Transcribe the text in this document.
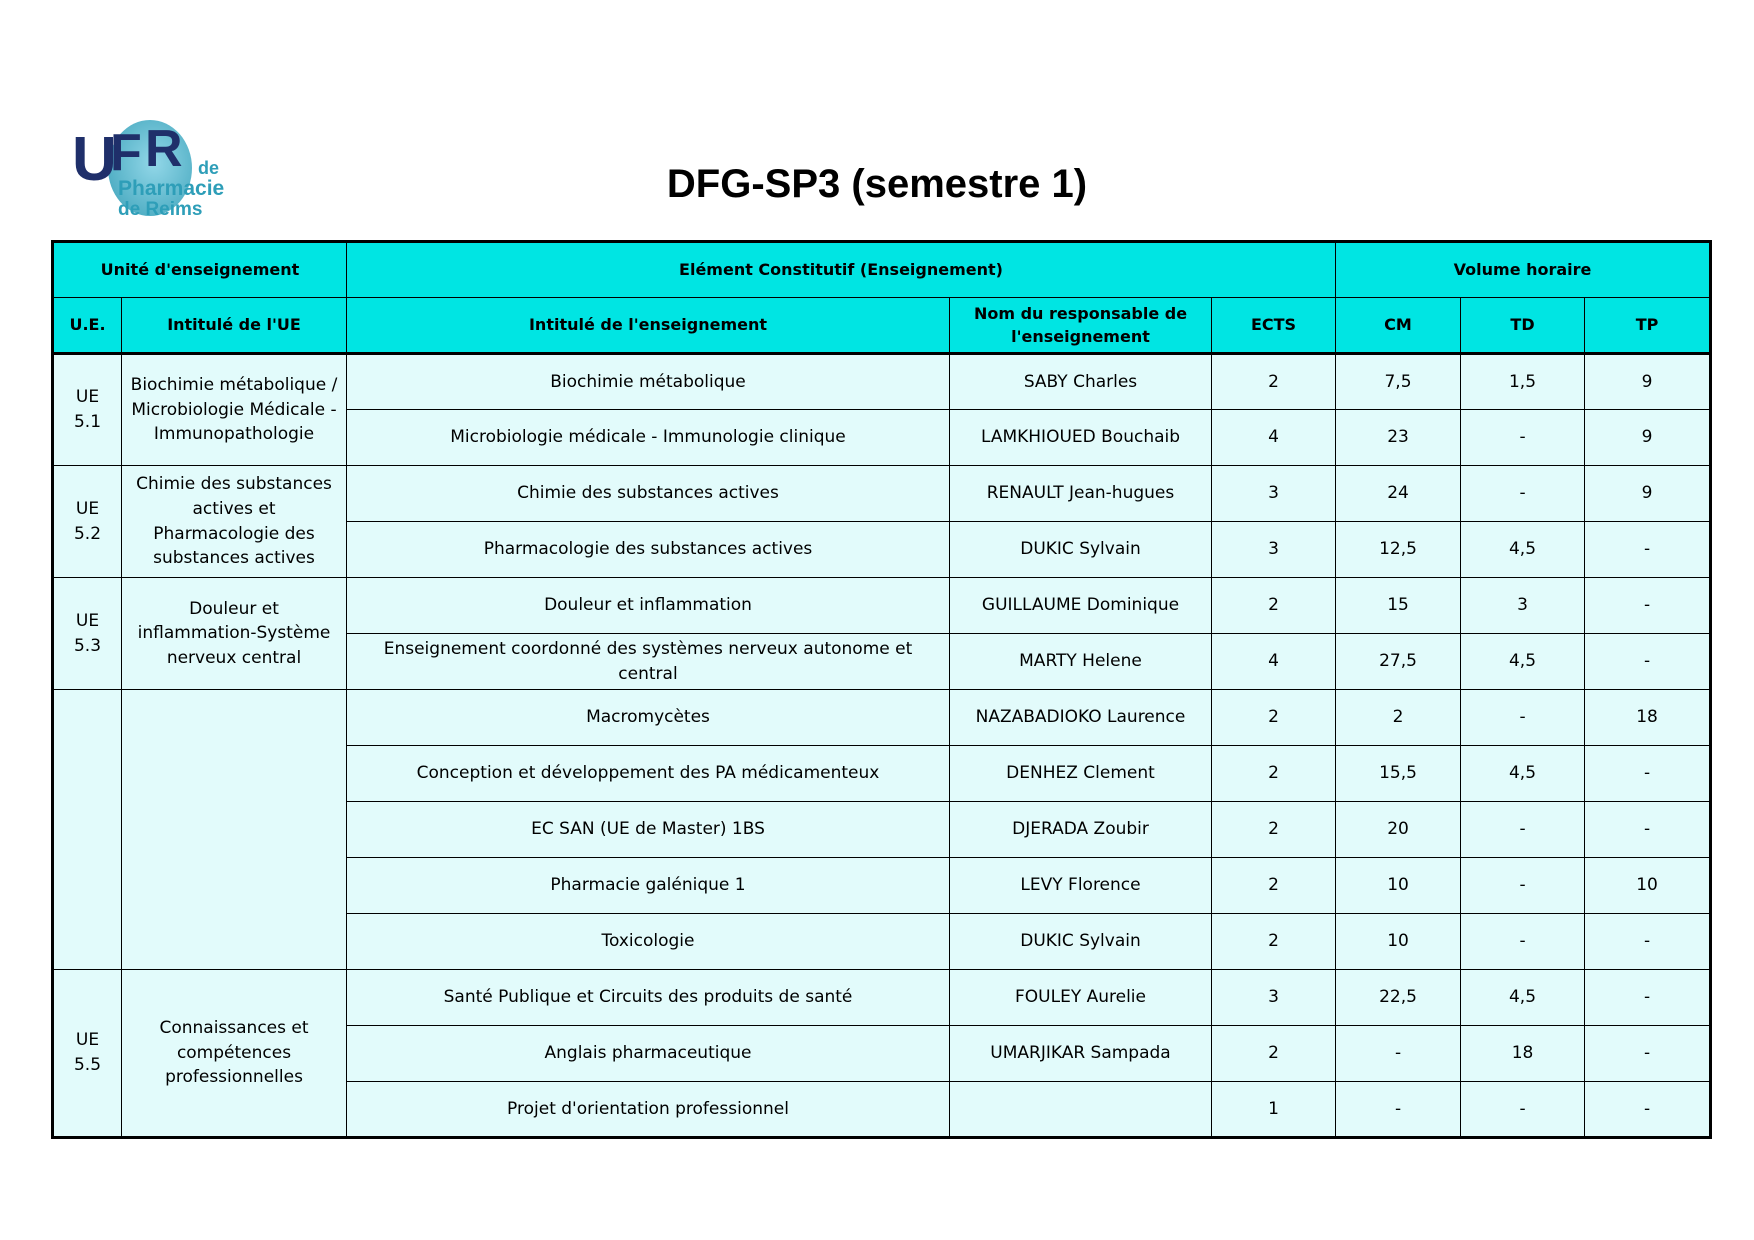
U
F R de
Pharmacie
de Reims
DFG-SP3 (semestre 1)
Unité d'enseignement		Elément Constitutif (Enseignement)			Volume horaire		
U.E.	Intitulé de l'UE	Intitulé de l'enseignement	Nom du responsable de l'enseignement	ECTS	CM	TD	TP
UE 5.1	Biochimie métabolique / Microbiologie Médicale - Immunopathologie	Biochimie métabolique	SABY Charles	2	7,5	1,5	9
		Microbiologie médicale - Immunologie clinique	LAMKHIOUED Bouchaib	4	23	-	9
UE 5.2	Chimie des substances actives et Pharmacologie des substances actives	Chimie des substances actives	RENAULT Jean-hugues	3	24	-	9
		Pharmacologie des substances actives	DUKIC Sylvain	3	12,5	4,5	-
UE 5.3	Douleur et inflammation-Système nerveux central	Douleur et inflammation	GUILLAUME Dominique	2	15	3	-
		Enseignement coordonné des systèmes nerveux autonome et central	MARTY Helene	4	27,5	4,5	-
		Macromycètes	NAZABADIOKO Laurence	2	2	-	18
		Conception et développement des PA médicamenteux	DENHEZ Clement	2	15,5	4,5	-
		EC SAN (UE de Master) 1BS	DJERADA Zoubir	2	20	-	-
		Pharmacie galénique 1	LEVY Florence	2	10	-	10
		Toxicologie	DUKIC Sylvain	2	10	-	-
UE 5.5	Connaissances et compétences professionnelles	Santé Publique et Circuits des produits de santé	FOULEY Aurelie	3	22,5	4,5	-
		Anglais pharmaceutique	UMARJIKAR Sampada	2	-	18	-
		Projet d'orientation professionnel		1	-	-	-
